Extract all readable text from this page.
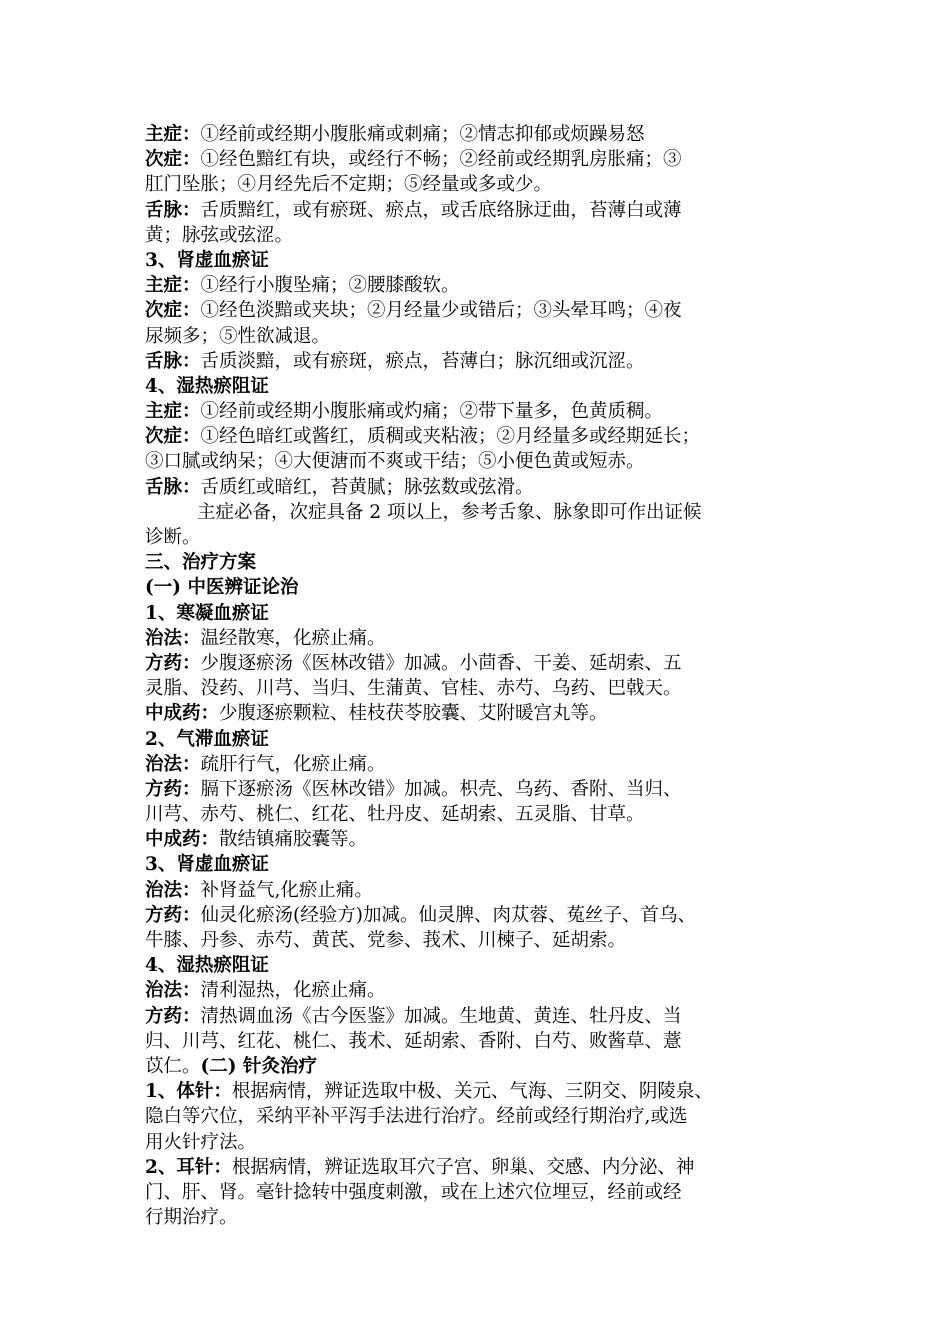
主症：①经前或经期小腹胀痛或刺痛；②情志抑郁或烦躁易怒
次症：①经色黯红有块，或经行不畅；②经前或经期乳房胀痛；③
肛门坠胀；④月经先后不定期；⑤经量或多或少。
舌脉：舌质黯红，或有瘀斑、瘀点，或舌底络脉迂曲，苔薄白或薄
黄；脉弦或弦涩。
3、肾虚血瘀证
主症：①经行小腹坠痛；②腰膝酸软。
次症：①经色淡黯或夹块；②月经量少或错后；③头晕耳鸣；④夜
尿频多；⑤性欲减退。
舌脉：舌质淡黯，或有瘀斑，瘀点，苔薄白；脉沉细或沉涩。
4、湿热瘀阻证
主症：①经前或经期小腹胀痛或灼痛；②带下量多，色黄质稠。
次症：①经色暗红或酱红，质稠或夹粘液；②月经量多或经期延长；
③口腻或纳呆；④大便溏而不爽或干结；⑤小便色黄或短赤。
舌脉：舌质红或暗红，苔黄腻；脉弦数或弦滑。
主症必备，次症具备 2 项以上，参考舌象、脉象即可作出证候
诊断。
三、治疗方案
(一) 中医辨证论治
1、寒凝血瘀证
治法：温经散寒，化瘀止痛。
方药：少腹逐瘀汤《医林改错》加减。小茴香、干姜、延胡索、五
灵脂、没药、川芎、当归、生蒲黄、官桂、赤芍、乌药、巴戟天。
中成药：少腹逐瘀颗粒、桂枝茯苓胶囊、艾附暖宫丸等。
2、气滞血瘀证
治法：疏肝行气，化瘀止痛。
方药：膈下逐瘀汤《医林改错》加减。枳壳、乌药、香附、当归、
川芎、赤芍、桃仁、红花、牡丹皮、延胡索、五灵脂、甘草。
中成药：散结镇痛胶囊等。
3、肾虚血瘀证
治法：补肾益气,化瘀止痛。
方药：仙灵化瘀汤(经验方)加减。仙灵脾、肉苁蓉、菟丝子、首乌、
牛膝、丹参、赤芍、黄芪、党参、莪术、川楝子、延胡索。
4、湿热瘀阻证
治法：清利湿热，化瘀止痛。
方药：清热调血汤《古今医鉴》加减。生地黄、黄连、牡丹皮、当
归、川芎、红花、桃仁、莪术、延胡索、香附、白芍、败酱草、薏
苡仁。(二) 针灸治疗
1、体针：根据病情，辨证选取中极、关元、气海、三阴交、阴陵泉、
隐白等穴位，采纳平补平泻手法进行治疗。经前或经行期治疗,或选
用火针疗法。
2、耳针：根据病情，辨证选取耳穴子宫、卵巢、交感、内分泌、神
门、肝、肾。毫针捻转中强度刺激，或在上述穴位埋豆，经前或经
行期治疗。
